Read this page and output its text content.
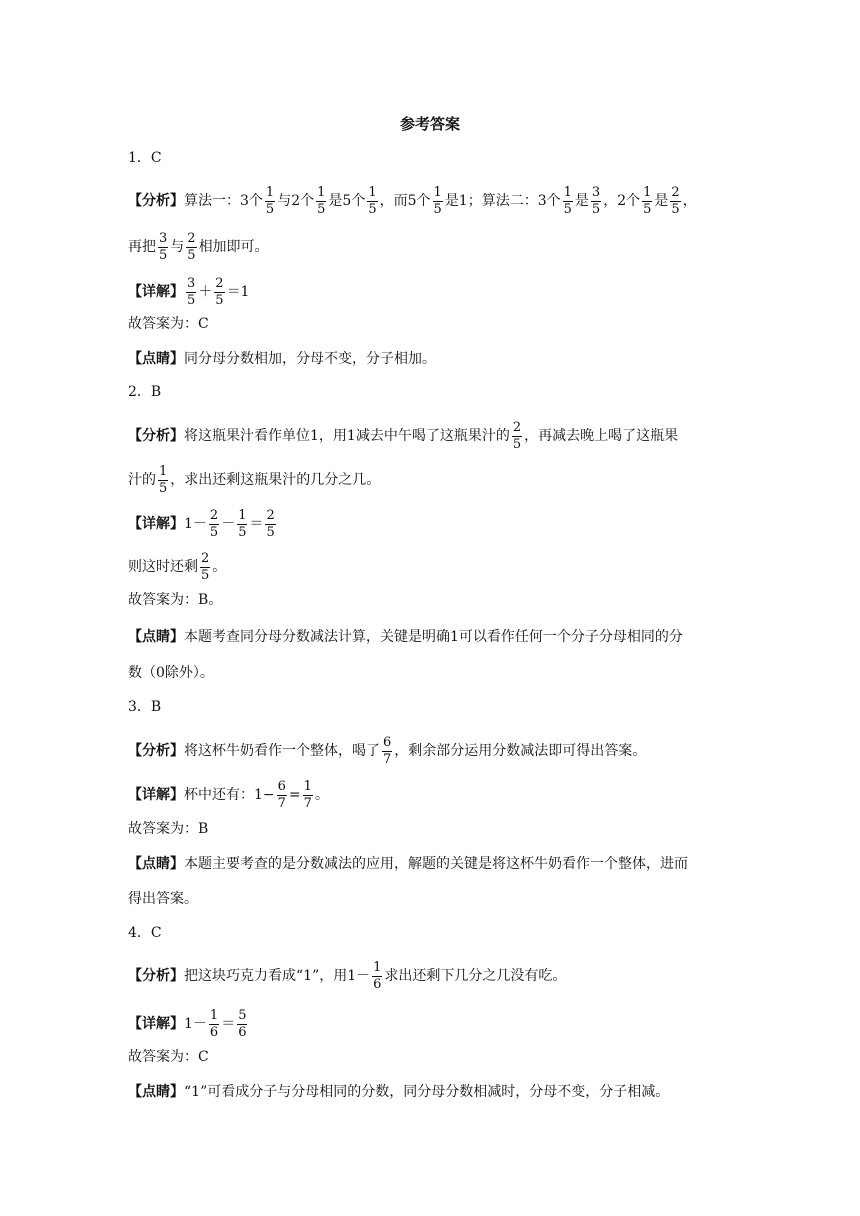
参考答案
1．C
【分析】 算法一：3个 $\frac{1}{5}$ 与2个 $\frac{1}{5}$ 是5个 $\frac{1}{5}$ ，而5个 $\frac{1}{5}$ 是1；算法二：3个 $\frac{1}{5}$ 是 $\frac{3}{5}$ ，2个 $\frac{1}{5}$ 是 $\frac{2}{5}$ ，
再把 $\frac{3}{5}$ 与 $\frac{2}{5}$ 相加即可。
【详解】 $\frac{3}{5} + \frac{2}{5} =1$
故答案为：C
【点睛】 同分母分数相加，分母不变，分子相加。
2．B
【分析】 将这瓶果汁看作单位1，用1减去中午喝了这瓶果汁的 $\frac{2}{5}$ ，再减去晚上喝了这瓶果
汁的 $\frac{1}{5}$ ，求出还剩这瓶果汁的几分之几。
【详解】 $1- \frac{2}{5} - \frac{1}{5} = \frac{2}{5}$
则这时还剩 $\frac{2}{5}$ 。
故答案为：B。
【点睛】 本题考查同分母分数减法计算，关键是明确1可以看作任何一个分子分母相同的分
数（0除外）。
3．B
【分析】 将这杯牛奶看作一个整体，喝了 $\frac{6}{7}$ ，剩余部分运用分数减法即可得出答案。
【详解】 杯中还有：$1- \frac{6}{7} = \frac{1}{7}$ 。
故答案为：B
【点睛】 本题主要考查的是分数减法的应用，解题的关键是将这杯牛奶看作一个整体，进而
得出答案。
4．C
【分析】 把这块巧克力看成“1”，用$1- \frac{1}{6}$ 求出还剩下几分之几没有吃。
【详解】 $1- \frac{1}{6} = \frac{5}{6}$
故答案为：C
【点睛】 “1”可看成分子与分母相同的分数，同分母分数相减时，分母不变，分子相减。
